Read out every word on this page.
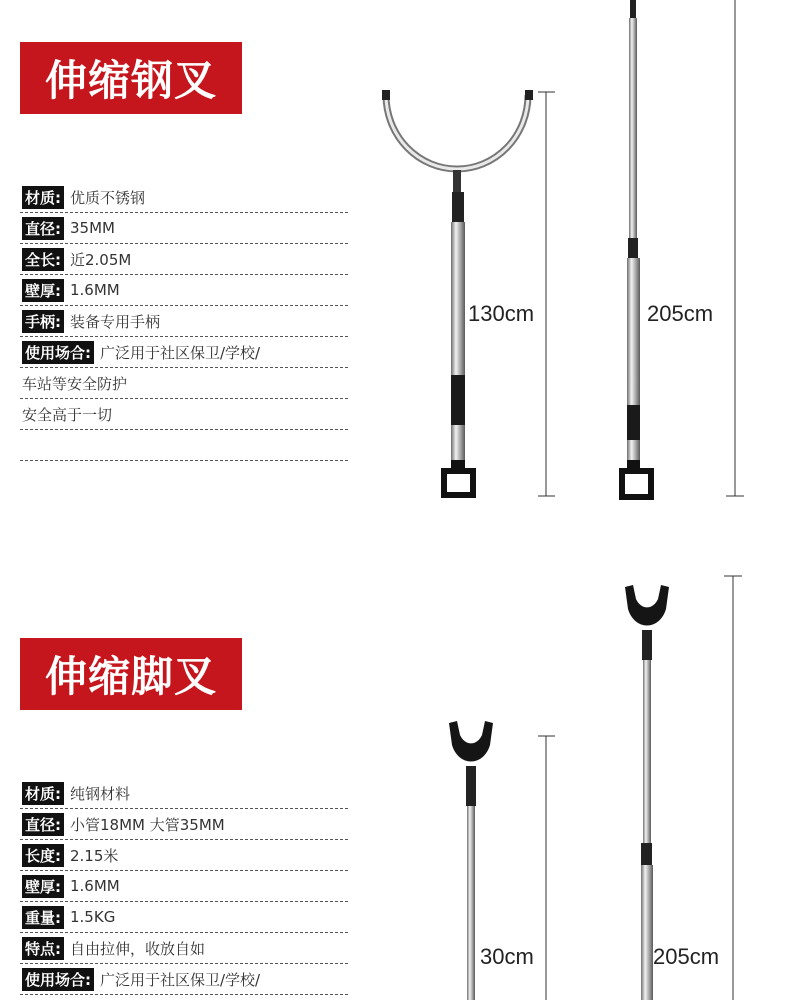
伸缩钢叉
材质: 优质不锈钢
直径: 35MM
全长: 近2.05M
壁厚: 1.6MM
手柄: 装备专用手柄
使用场合: 广泛用于社区保卫/学校/
车站等安全防护
安全高于一切
130cm	205cm
伸缩脚叉
材质: 纯钢材料
直径: 小管18MM 大管35MM
长度: 2.15米
壁厚: 1.6MM
重量: 1.5KG
特点: 自由拉伸，收放自如
使用场合: 广泛用于社区保卫/学校/
30cm	205cm
